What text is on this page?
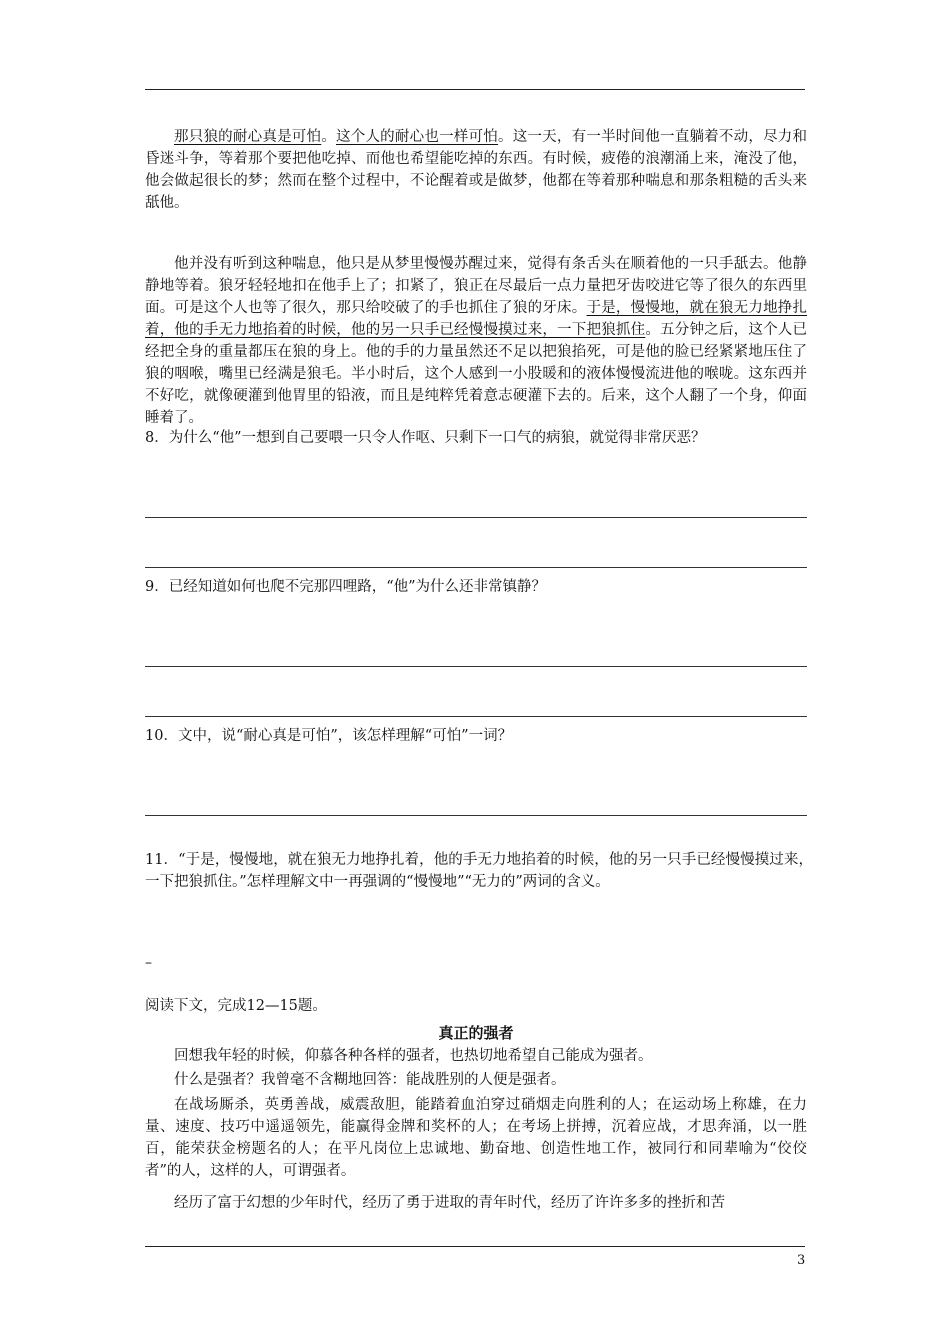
那只狼的耐心真是可怕。这个人的耐心也一样可怕。这一天，有一半时间他一直躺着不动，尽力和昏迷斗争，等着那个要把他吃掉、而他也希望能吃掉的东西。有时候，疲倦的浪潮涌上来，淹没了他，他会做起很长的梦；然而在整个过程中，不论醒着或是做梦，他都在等着那种喘息和那条粗糙的舌头来舐他。

他并没有听到这种喘息，他只是从梦里慢慢苏醒过来，觉得有条舌头在顺着他的一只手舐去。他静静地等着。狼牙轻轻地扣在他手上了；扣紧了，狼正在尽最后一点力量把牙齿咬进它等了很久的东西里面。可是这个人也等了很久，那只给咬破了的手也抓住了狼的牙床。于是，慢慢地，就在狼无力地挣扎着，他的手无力地掐着的时候，他的另一只手已经慢慢摸过来，一下把狼抓住。五分钟之后，这个人已经把全身的重量都压在狼的身上。他的手的力量虽然还不足以把狼掐死，可是他的脸已经紧紧地压住了狼的咽喉，嘴里已经满是狼毛。半小时后，这个人感到一小股暖和的液体慢慢流进他的喉咙。这东西并不好吃，就像硬灌到他胃里的铅液，而且是纯粹凭着意志硬灌下去的。后来，这个人翻了一个身，仰面睡着了。

8．为什么“他”一想到自己要喂一只令人作呕、只剩下一口气的病狼，就觉得非常厌恶？

9．已经知道如何也爬不完那四哩路，“他”为什么还非常镇静？

10．文中，说“耐心真是可怕”，该怎样理解“可怕”一词？

11．“于是，慢慢地，就在狼无力地挣扎着，他的手无力地掐着的时候，他的另一只手已经慢慢摸过来，一下把狼抓住。”怎样理解文中一再强调的“慢慢地”“无力的”两词的含义。

–

阅读下文，完成12—15题。

真正的强者

回想我年轻的时候，仰慕各种各样的强者，也热切地希望自己能成为强者。

什么是强者？我曾毫不含糊地回答：能战胜别的人便是强者。

在战场厮杀，英勇善战，威震敌胆，能踏着血泊穿过硝烟走向胜利的人；在运动场上称雄，在力量、速度、技巧中遥遥领先，能赢得金牌和奖杯的人；在考场上拼搏，沉着应战，才思奔涌，以一胜百，能荣获金榜题名的人；在平凡岗位上忠诚地、勤奋地、创造性地工作，被同行和同辈喻为“佼佼者”的人，这样的人，可谓强者。

经历了富于幻想的少年时代，经历了勇于进取的青年时代，经历了许许多多的挫折和苦

3
